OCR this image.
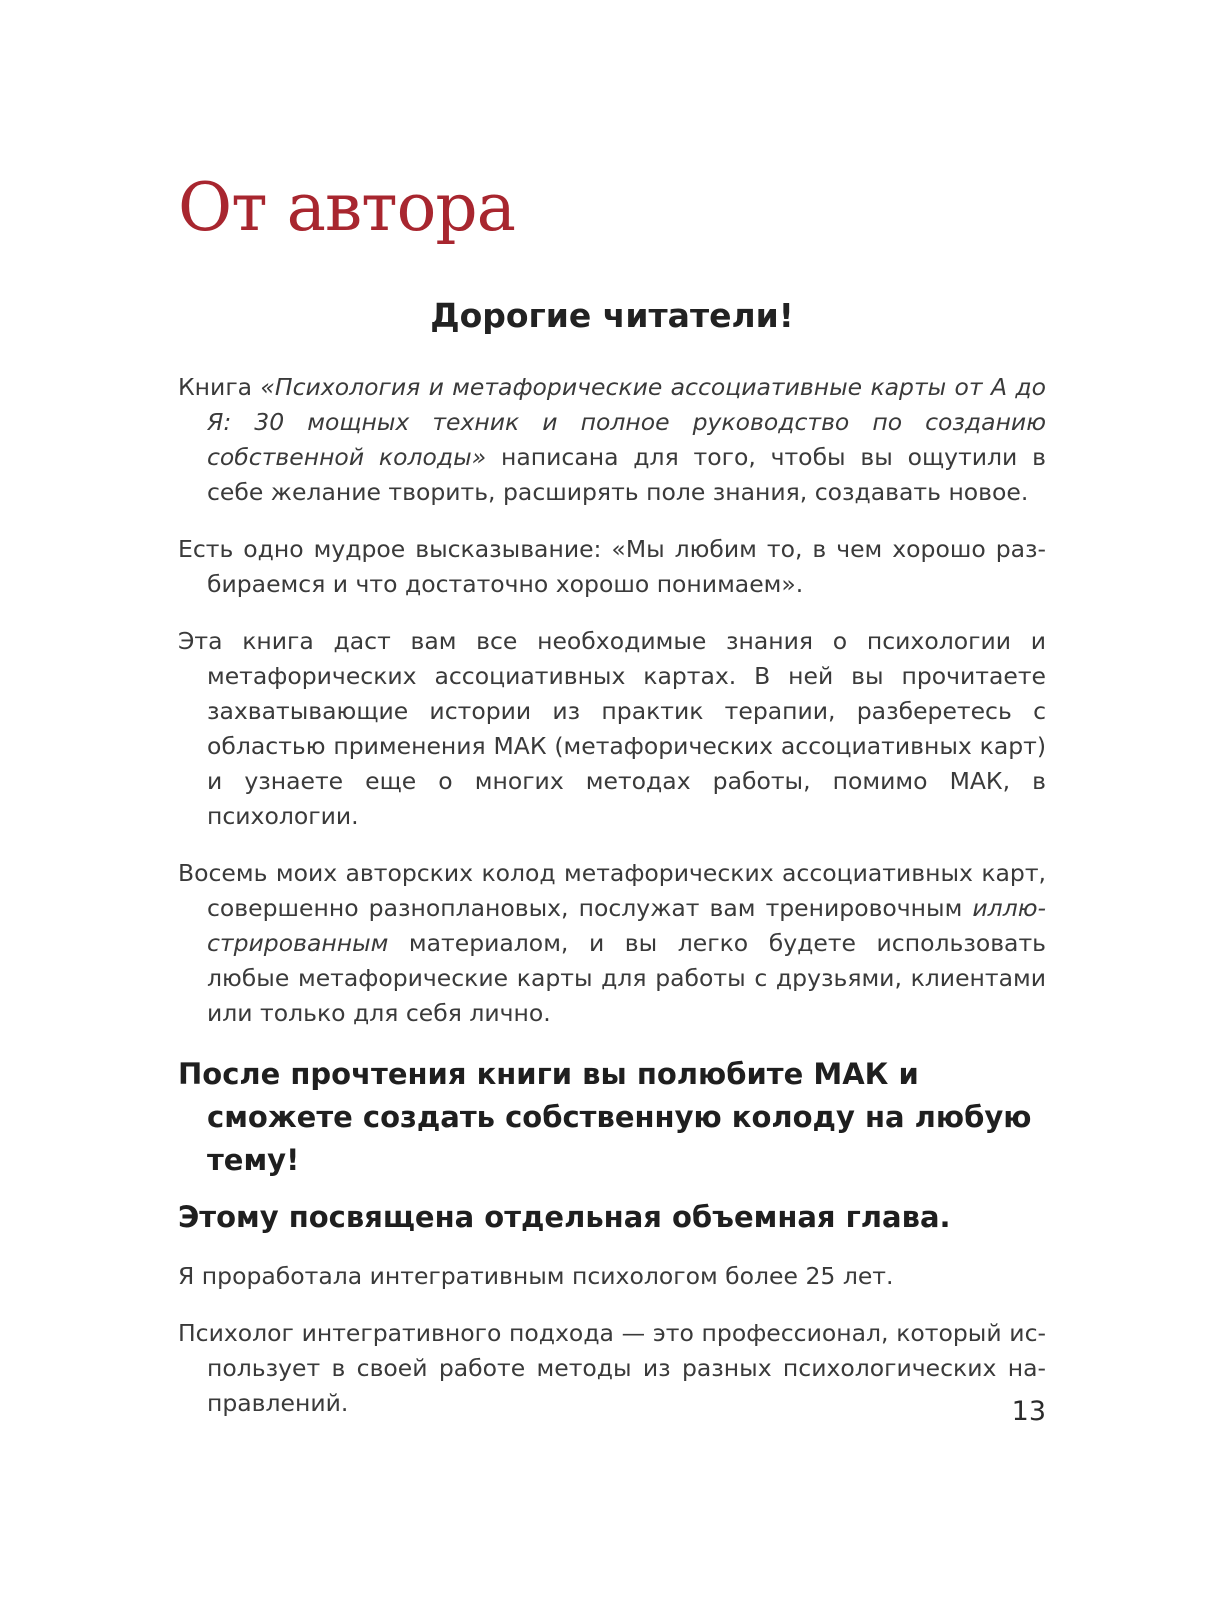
От автора
Дорогие читатели!

Книга «Психология и метафорические ассоциативные карты от А до Я: 30 мощных техник и полное руководство по созданию собственной колоды» написана для того, чтобы вы ощутили в себе желание творить, расширять поле знания, создавать новое.

Есть одно мудрое высказывание: «Мы любим то, в чем хорошо разбираемся и что достаточно хорошо понимаем».

Эта книга даст вам все необходимые знания о психологии и метафорических ассоциативных картах. В ней вы прочитаете захватывающие истории из практик терапии, разберетесь с областью применения МАК (метафорических ассоциативных карт) и узнаете еще о многих методах работы, помимо МАК, в психологии.

Восемь моих авторских колод метафорических ассоциативных карт, совершенно разноплановых, послужат вам тренировочным иллюстрированным материалом, и вы легко будете использовать любые метафорические карты для работы с друзьями, клиентами или только для себя лично.

После прочтения книги вы полюбите МАК и сможете создать собственную колоду на любую тему!

Этому посвящена отдельная объемная глава.

Я проработала интегративным психологом более 25 лет.

Психолог интегративного подхода — это профессионал, который использует в своей работе методы из разных психологических направлений.	13
